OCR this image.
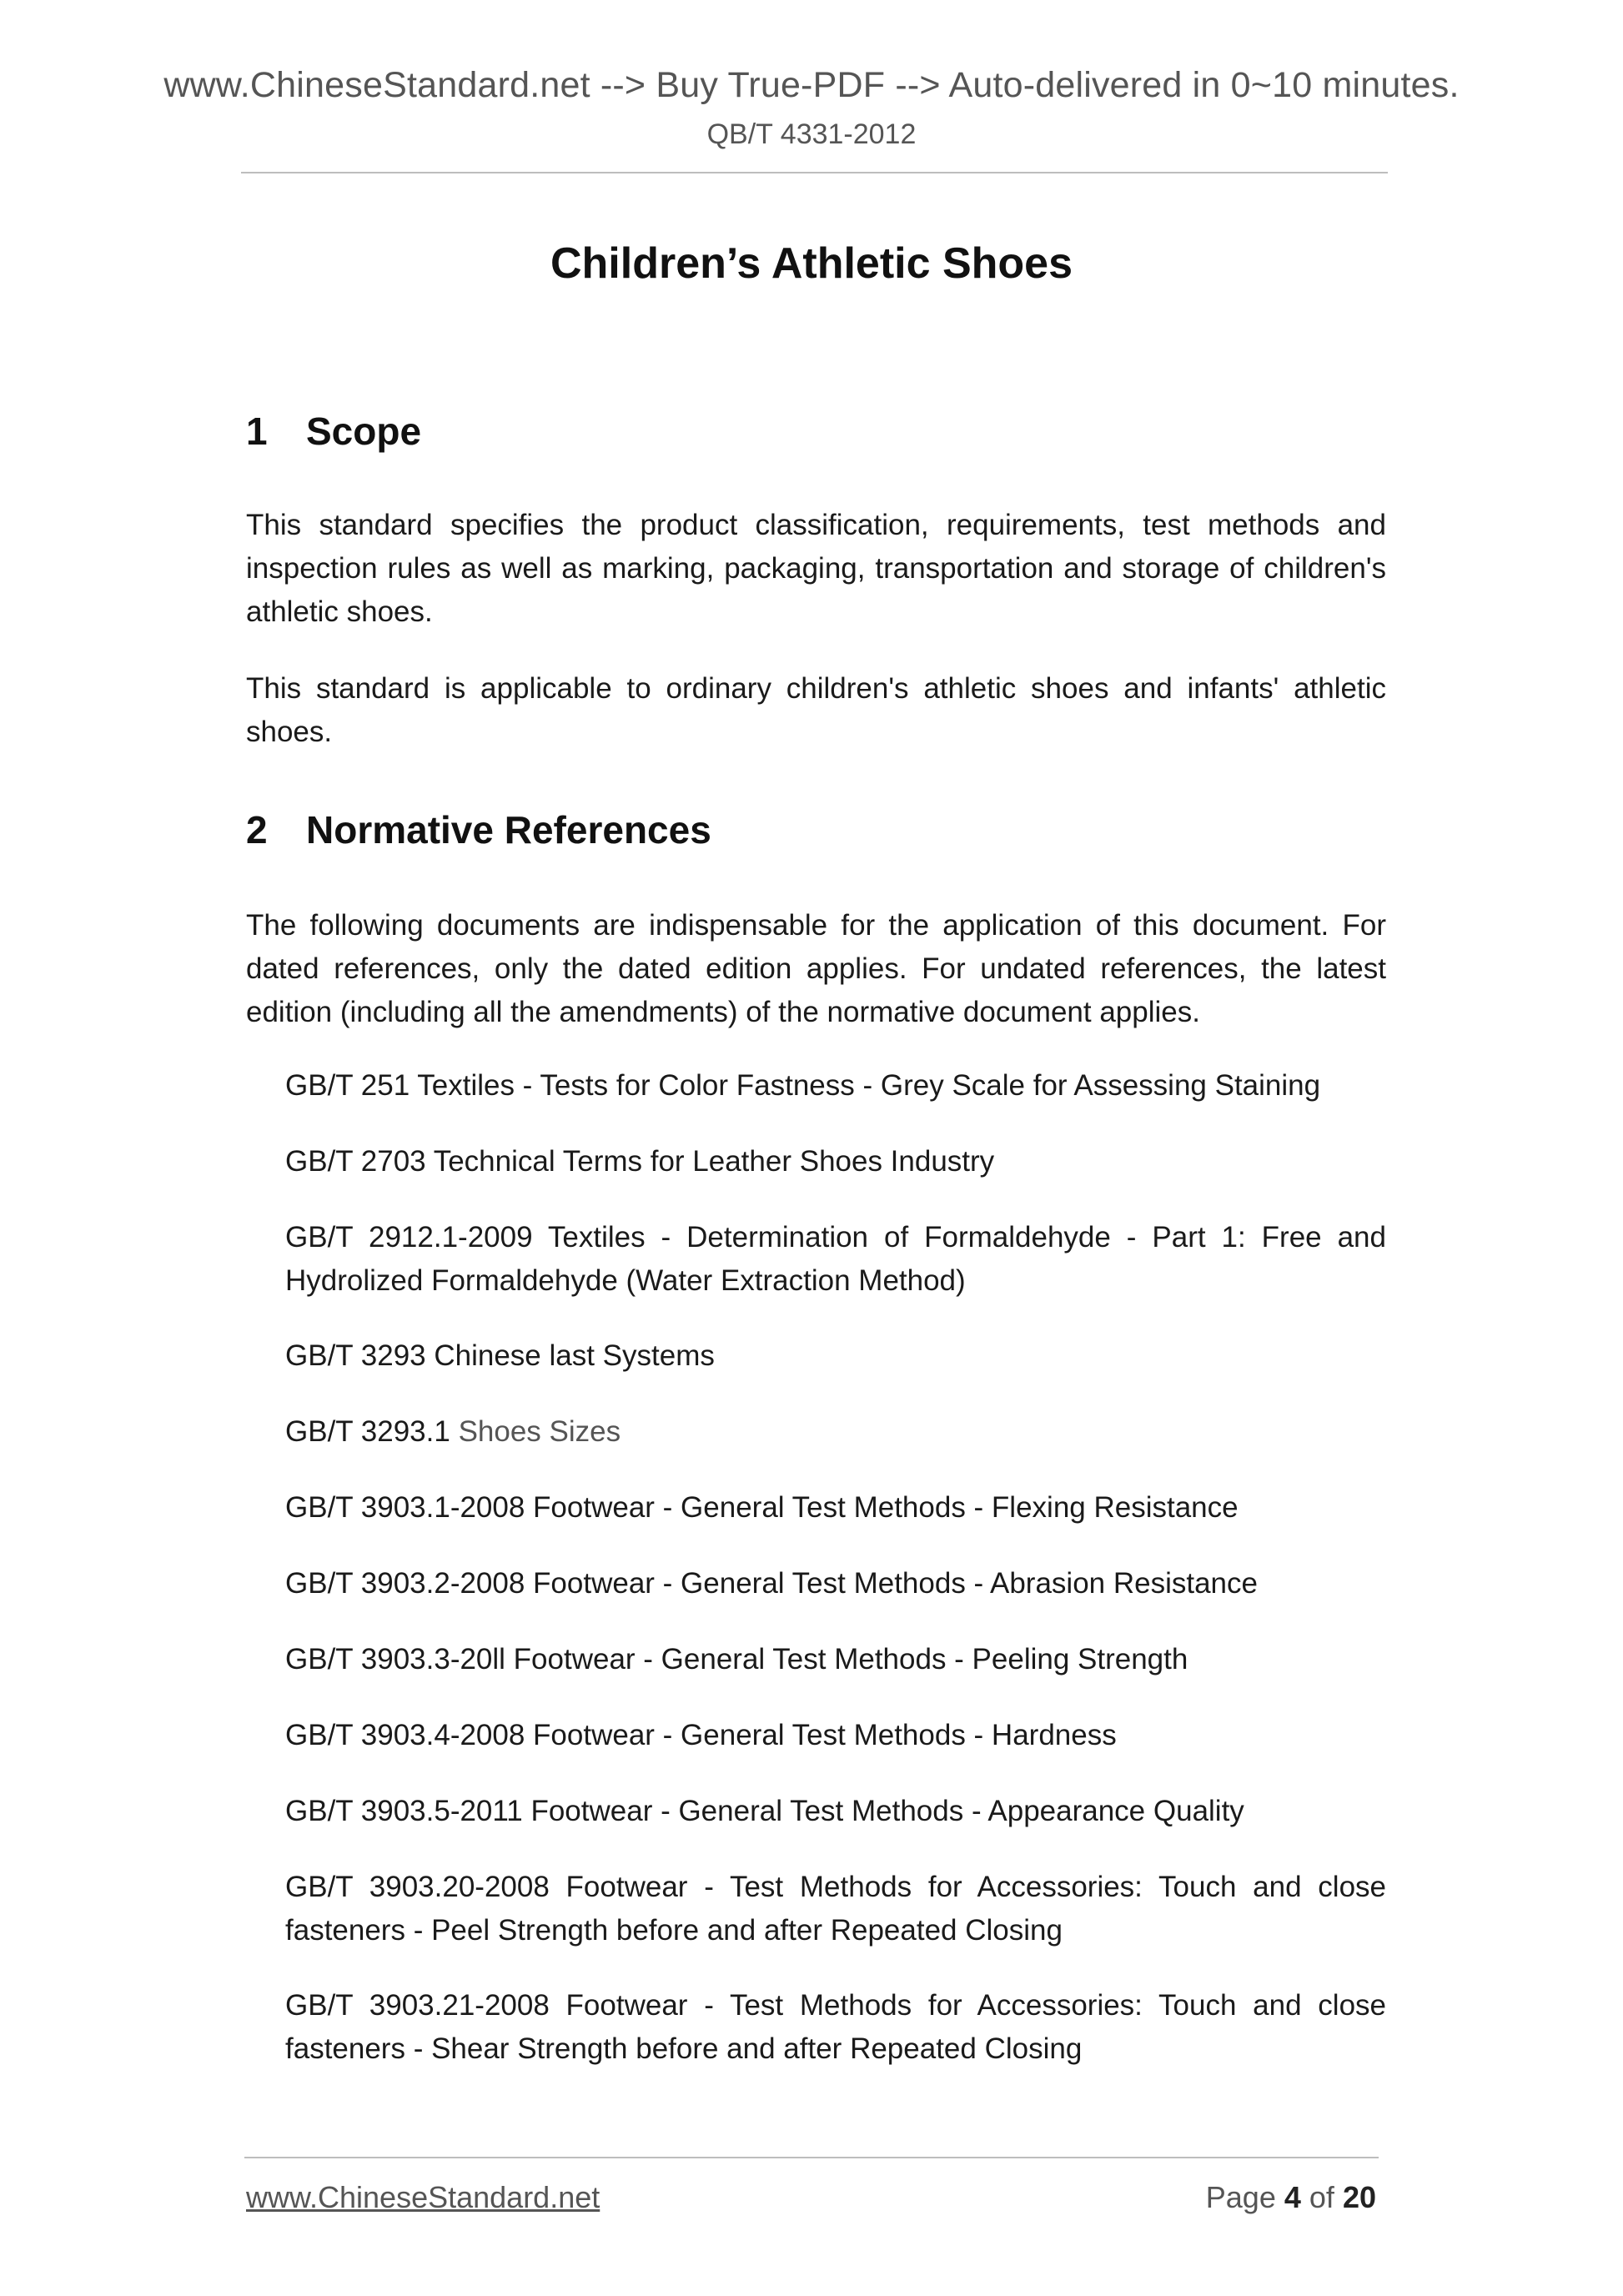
www.ChineseStandard.net --> Buy True-PDF --> Auto-delivered in 0~10 minutes.
QB/T 4331-2012
Children’s Athletic Shoes
1 Scope
This standard specifies the product classification, requirements, test methods and inspection rules as well as marking, packaging, transportation and storage of children's athletic shoes.
This standard is applicable to ordinary children's athletic shoes and infants' athletic shoes.
2 Normative References
The following documents are indispensable for the application of this document. For dated references, only the dated edition applies. For undated references, the latest edition (including all the amendments) of the normative document applies.
GB/T 251 Textiles - Tests for Color Fastness - Grey Scale for Assessing Staining
GB/T 2703 Technical Terms for Leather Shoes Industry
GB/T 2912.1-2009 Textiles - Determination of Formaldehyde - Part 1: Free and Hydrolized Formaldehyde (Water Extraction Method)
GB/T 3293 Chinese last Systems
GB/T 3293.1 Shoes Sizes
GB/T 3903.1-2008 Footwear - General Test Methods - Flexing Resistance
GB/T 3903.2-2008 Footwear - General Test Methods - Abrasion Resistance
GB/T 3903.3-20ll Footwear - General Test Methods - Peeling Strength
GB/T 3903.4-2008 Footwear - General Test Methods - Hardness
GB/T 3903.5-2011 Footwear - General Test Methods - Appearance Quality
GB/T 3903.20-2008 Footwear - Test Methods for Accessories: Touch and close fasteners - Peel Strength before and after Repeated Closing
GB/T 3903.21-2008 Footwear - Test Methods for Accessories: Touch and close fasteners - Shear Strength before and after Repeated Closing
www.ChineseStandard.net	Page 4 of 20
